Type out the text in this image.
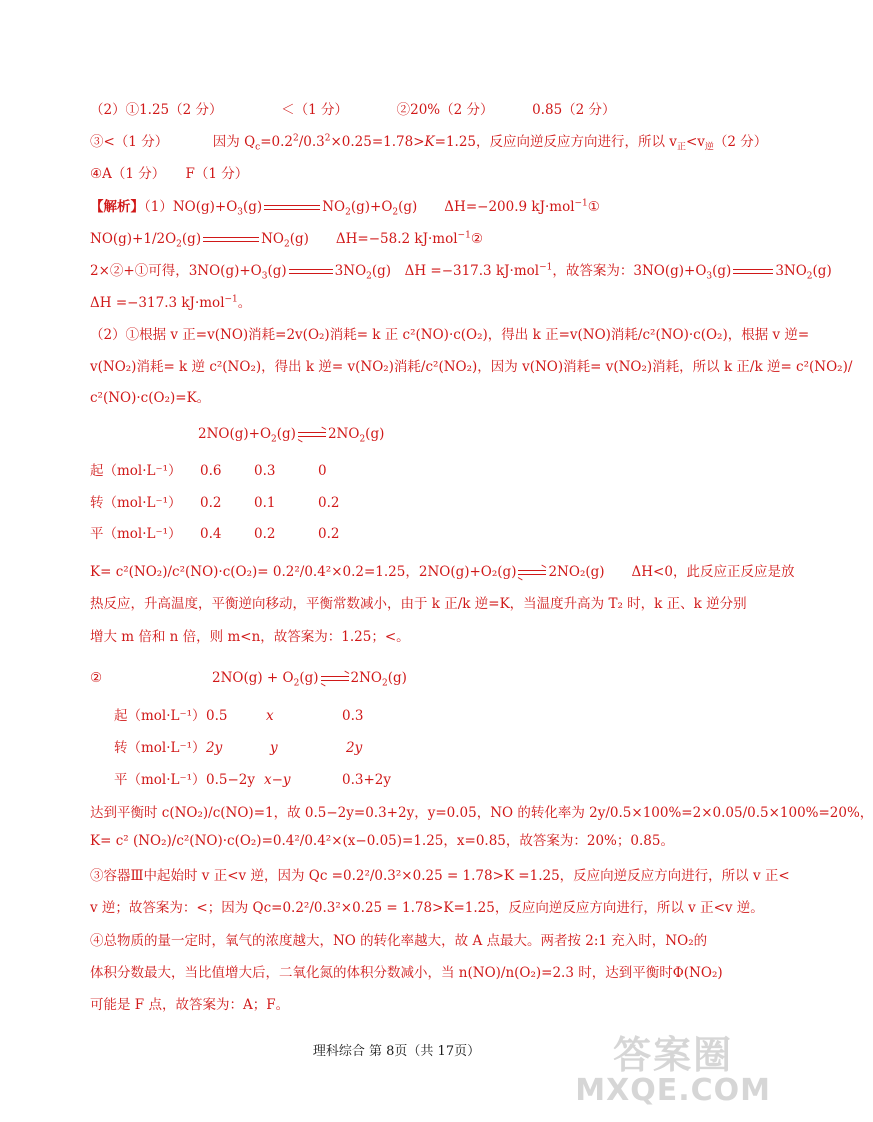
（2）①1.25（2 分）	＜（1 分）	②20%（2 分）	0.85（2 分）
③<（1 分）	因为 $Q_c=0.2^2/0.3^2\times 0.25=1.78>K=1.25$，反应向逆反应方向进行，所以 $v_正<v_逆(2$ 分）
④A（1 分）　　F（1 分）
【解析】$(1)NO(g)+O_3(g)$	$NO_2(g)+O_2(g)$　　ΔH=−200.9 kJ·mol$^{-1}$①
$NO(g)+1/2O_2(g)$	$NO_2(g)$　　ΔH=−58.2 kJ·mol$^{-1}$②
2×②+①可得，$3NO(g)+O_3(g)$	$3NO_2(g)$　ΔH =−317.3 kJ·mol$^{-1}$，故答案为：$3NO(g)+O_3(g)$	$3NO_2(g)$
ΔH =−317.3 kJ·mol$^{-1}$。
（2）①根据 v 正=v(NO)消耗=2v(O₂)消耗= k 正 c²(NO)·c(O₂)，得出 k 正=v(NO)消耗/c²(NO)·c(O₂)，根据 v 逆=
v(NO₂)消耗= k 逆 c²(NO₂)，得出 k 逆= v(NO₂)消耗/c²(NO₂)，因为 v(NO)消耗= v(NO₂)消耗，所以 k 正/k 逆= c²(NO₂)/
c²(NO)·c(O₂)=K。
$2NO(g)+O_2(g)$ $2NO_2(g)$
起（mol·L⁻¹） 0.6 0.3	0
转（mol·L⁻¹） 0.2 0.1	0.2
平（mol·L⁻¹） 0.4 0.2	0.2
K= c²(NO₂)/c²(NO)·c(O₂)= 0.2²/0.4²×0.2=1.25，2NO(g)+O₂(g) 2NO₂(g)　　ΔH<0，此反应正反应是放
热反应，升高温度，平衡逆向移动，平衡常数减小，由于 k 正/k 逆=K，当温度升高为 T₂ 时，k 正、k 逆分别
增大 m 倍和 n 倍，则 m<n，故答案为：1.25；<。
②	$2NO(g) + O_2(g)$ $2NO_2(g)$
起（mol·L⁻¹） 0.5	x	0.3
转（mol·L⁻¹） 2y	y	2y
平（mol·L⁻¹） 0.5−2y x−y	0.3+2y
达到平衡时 c(NO₂)/c(NO)=1，故 0.5−2y=0.3+2y，y=0.05，NO 的转化率为 2y/0.5×100%=2×0.05/0.5×100%=20%，
K= c² (NO₂)/c²(NO)·c(O₂)=0.4²/0.4²×(x−0.05)=1.25，x=0.85，故答案为：20%；0.85。
③容器Ⅲ中起始时 v 正<v 逆，因为 Qc =0.2²/0.3²×0.25 = 1.78>K =1.25，反应向逆反应方向进行，所以 v 正<
v 逆；故答案为：<；因为 Qc=0.2²/0.3²×0.25 = 1.78>K=1.25，反应向逆反应方向进行，所以 v 正<v 逆。
④总物质的量一定时，氧气的浓度越大，NO 的转化率越大，故 A 点最大。两者按 2:1 充入时，NO₂的
体积分数最大，当比值增大后，二氧化氮的体积分数减小，当 n(NO)/n(O₂)=2.3 时，达到平衡时Φ(NO₂)
可能是 F 点，故答案为：A；F。
理科综合 第 8页（共 17页）	答案圈
MXQE.COM
